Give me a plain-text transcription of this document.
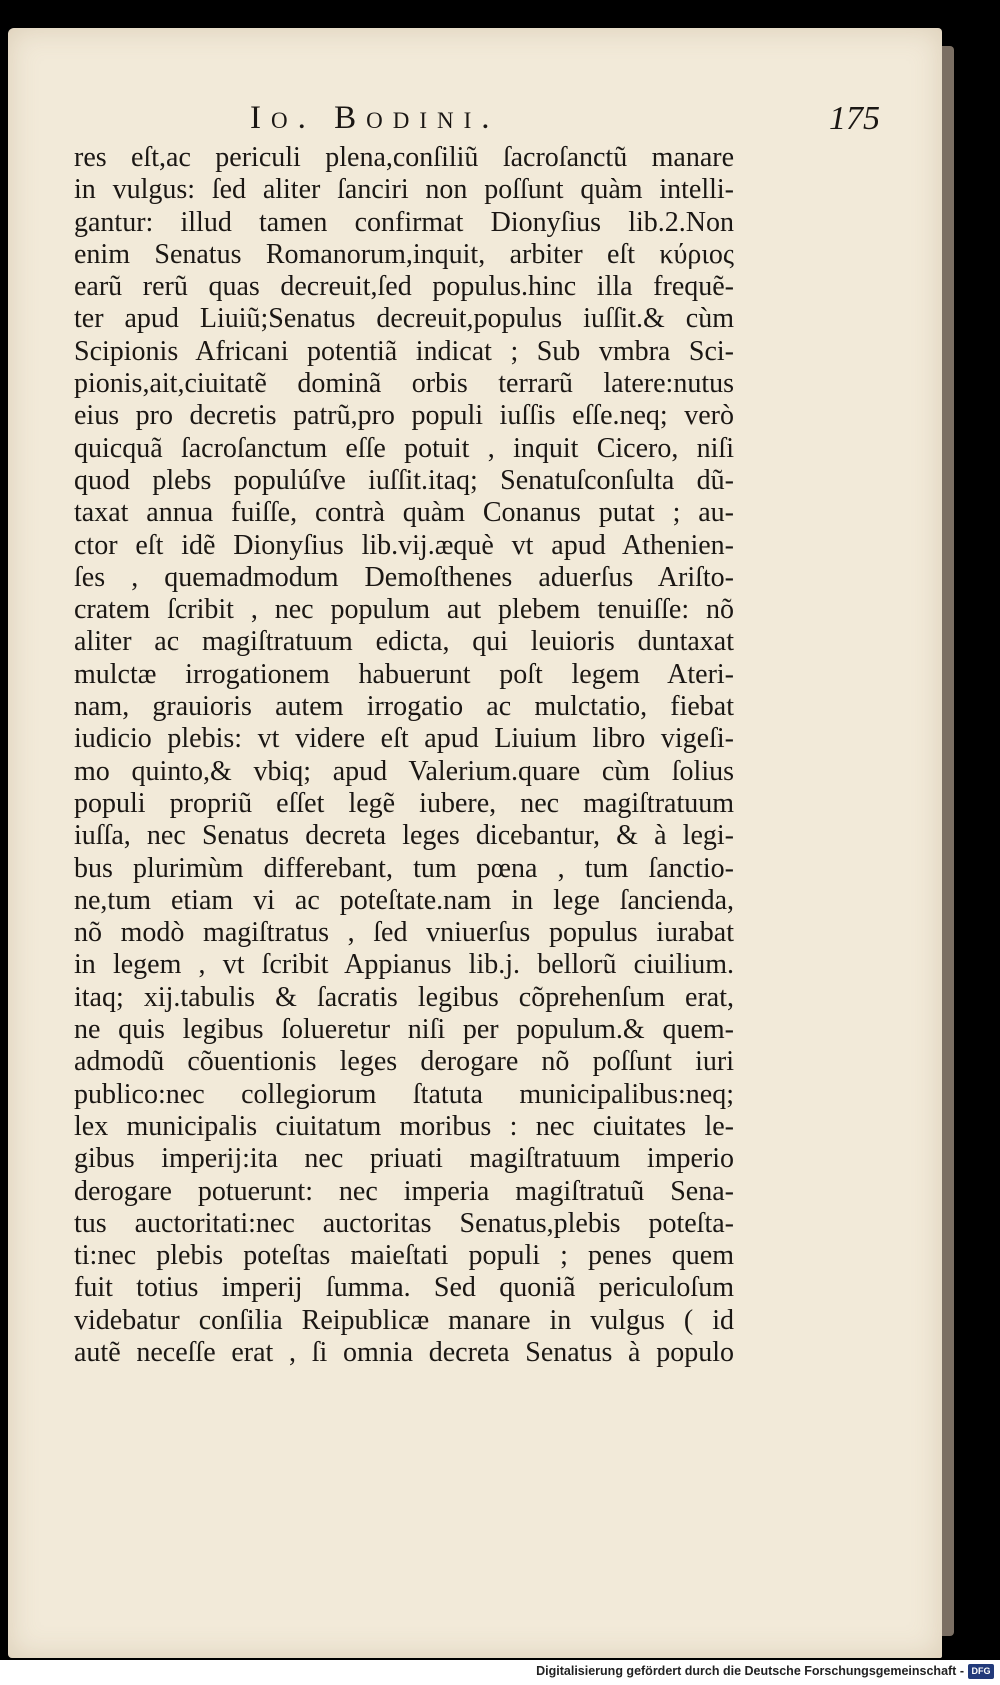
Io. Bodini.	175
res eſt,ac periculi plena,conſiliũ ſacroſanctũ manare
in vulgus: ſed aliter ſanciri non poſſunt quàm intelli-
gantur: illud tamen confirmat Dionyſius lib.2.Non
enim Senatus Romanorum,inquit, arbiter eſt κύριος
earũ rerũ quas decreuit,ſed populus.hinc illa frequẽ-
ter apud Liuiũ;Senatus decreuit,populus iuſſit.& cùm
Scipionis Africani potentiã indicat ; Sub vmbra Sci-
pionis,ait,ciuitatẽ dominã orbis terrarũ latere:nutus
eius pro decretis patrũ,pro populi iuſſis eſſe.neq; verò
quicquã ſacroſanctum eſſe potuit , inquit Cicero, niſi
quod plebs populúſve iuſſit.itaq; Senatuſconſulta dũ-
taxat annua fuiſſe, contrà quàm Conanus putat ; au-
ctor eſt idẽ Dionyſius lib.vij.æquè vt apud Athenien-
ſes , quemadmodum Demoſthenes aduerſus Ariſto-
cratem ſcribit , nec populum aut plebem tenuiſſe: nõ
aliter ac magiſtratuum edicta, qui leuioris duntaxat
mulctæ irrogationem habuerunt poſt legem Ateri-
nam, grauioris autem irrogatio ac mulctatio, fiebat
iudicio plebis: vt videre eſt apud Liuium libro vigeſi-
mo quinto,& vbiq; apud Valerium.quare cùm ſolius
populi propriũ eſſet legẽ iubere, nec magiſtratuum
iuſſa, nec Senatus decreta leges dicebantur, & à legi-
bus plurimùm differebant, tum pœna , tum ſanctio-
ne,tum etiam vi ac poteſtate.nam in lege ſancienda,
nõ modò magiſtratus , ſed vniuerſus populus iurabat
in legem , vt ſcribit Appianus lib.j. bellorũ ciuilium.
itaq; xij.tabulis & ſacratis legibus cõprehenſum erat,
ne quis legibus ſolueretur niſi per populum.& quem-
admodũ cõuentionis leges derogare nõ poſſunt iuri
publico:nec collegiorum ſtatuta municipalibus:neq;
lex municipalis ciuitatum moribus : nec ciuitates le-
gibus imperij:ita nec priuati magiſtratuum imperio
derogare potuerunt: nec imperia magiſtratuũ Sena-
tus auctoritati:nec auctoritas Senatus,plebis poteſta-
ti:nec plebis poteſtas maieſtati populi ; penes quem
fuit totius imperij ſumma. Sed quoniã periculoſum
videbatur conſilia Reipublicæ manare in vulgus ( id
autẽ neceſſe erat , ſi omnia decreta Senatus à populo
Digitalisierung gefördert durch die Deutsche Forschungsgemeinschaft - DFG
